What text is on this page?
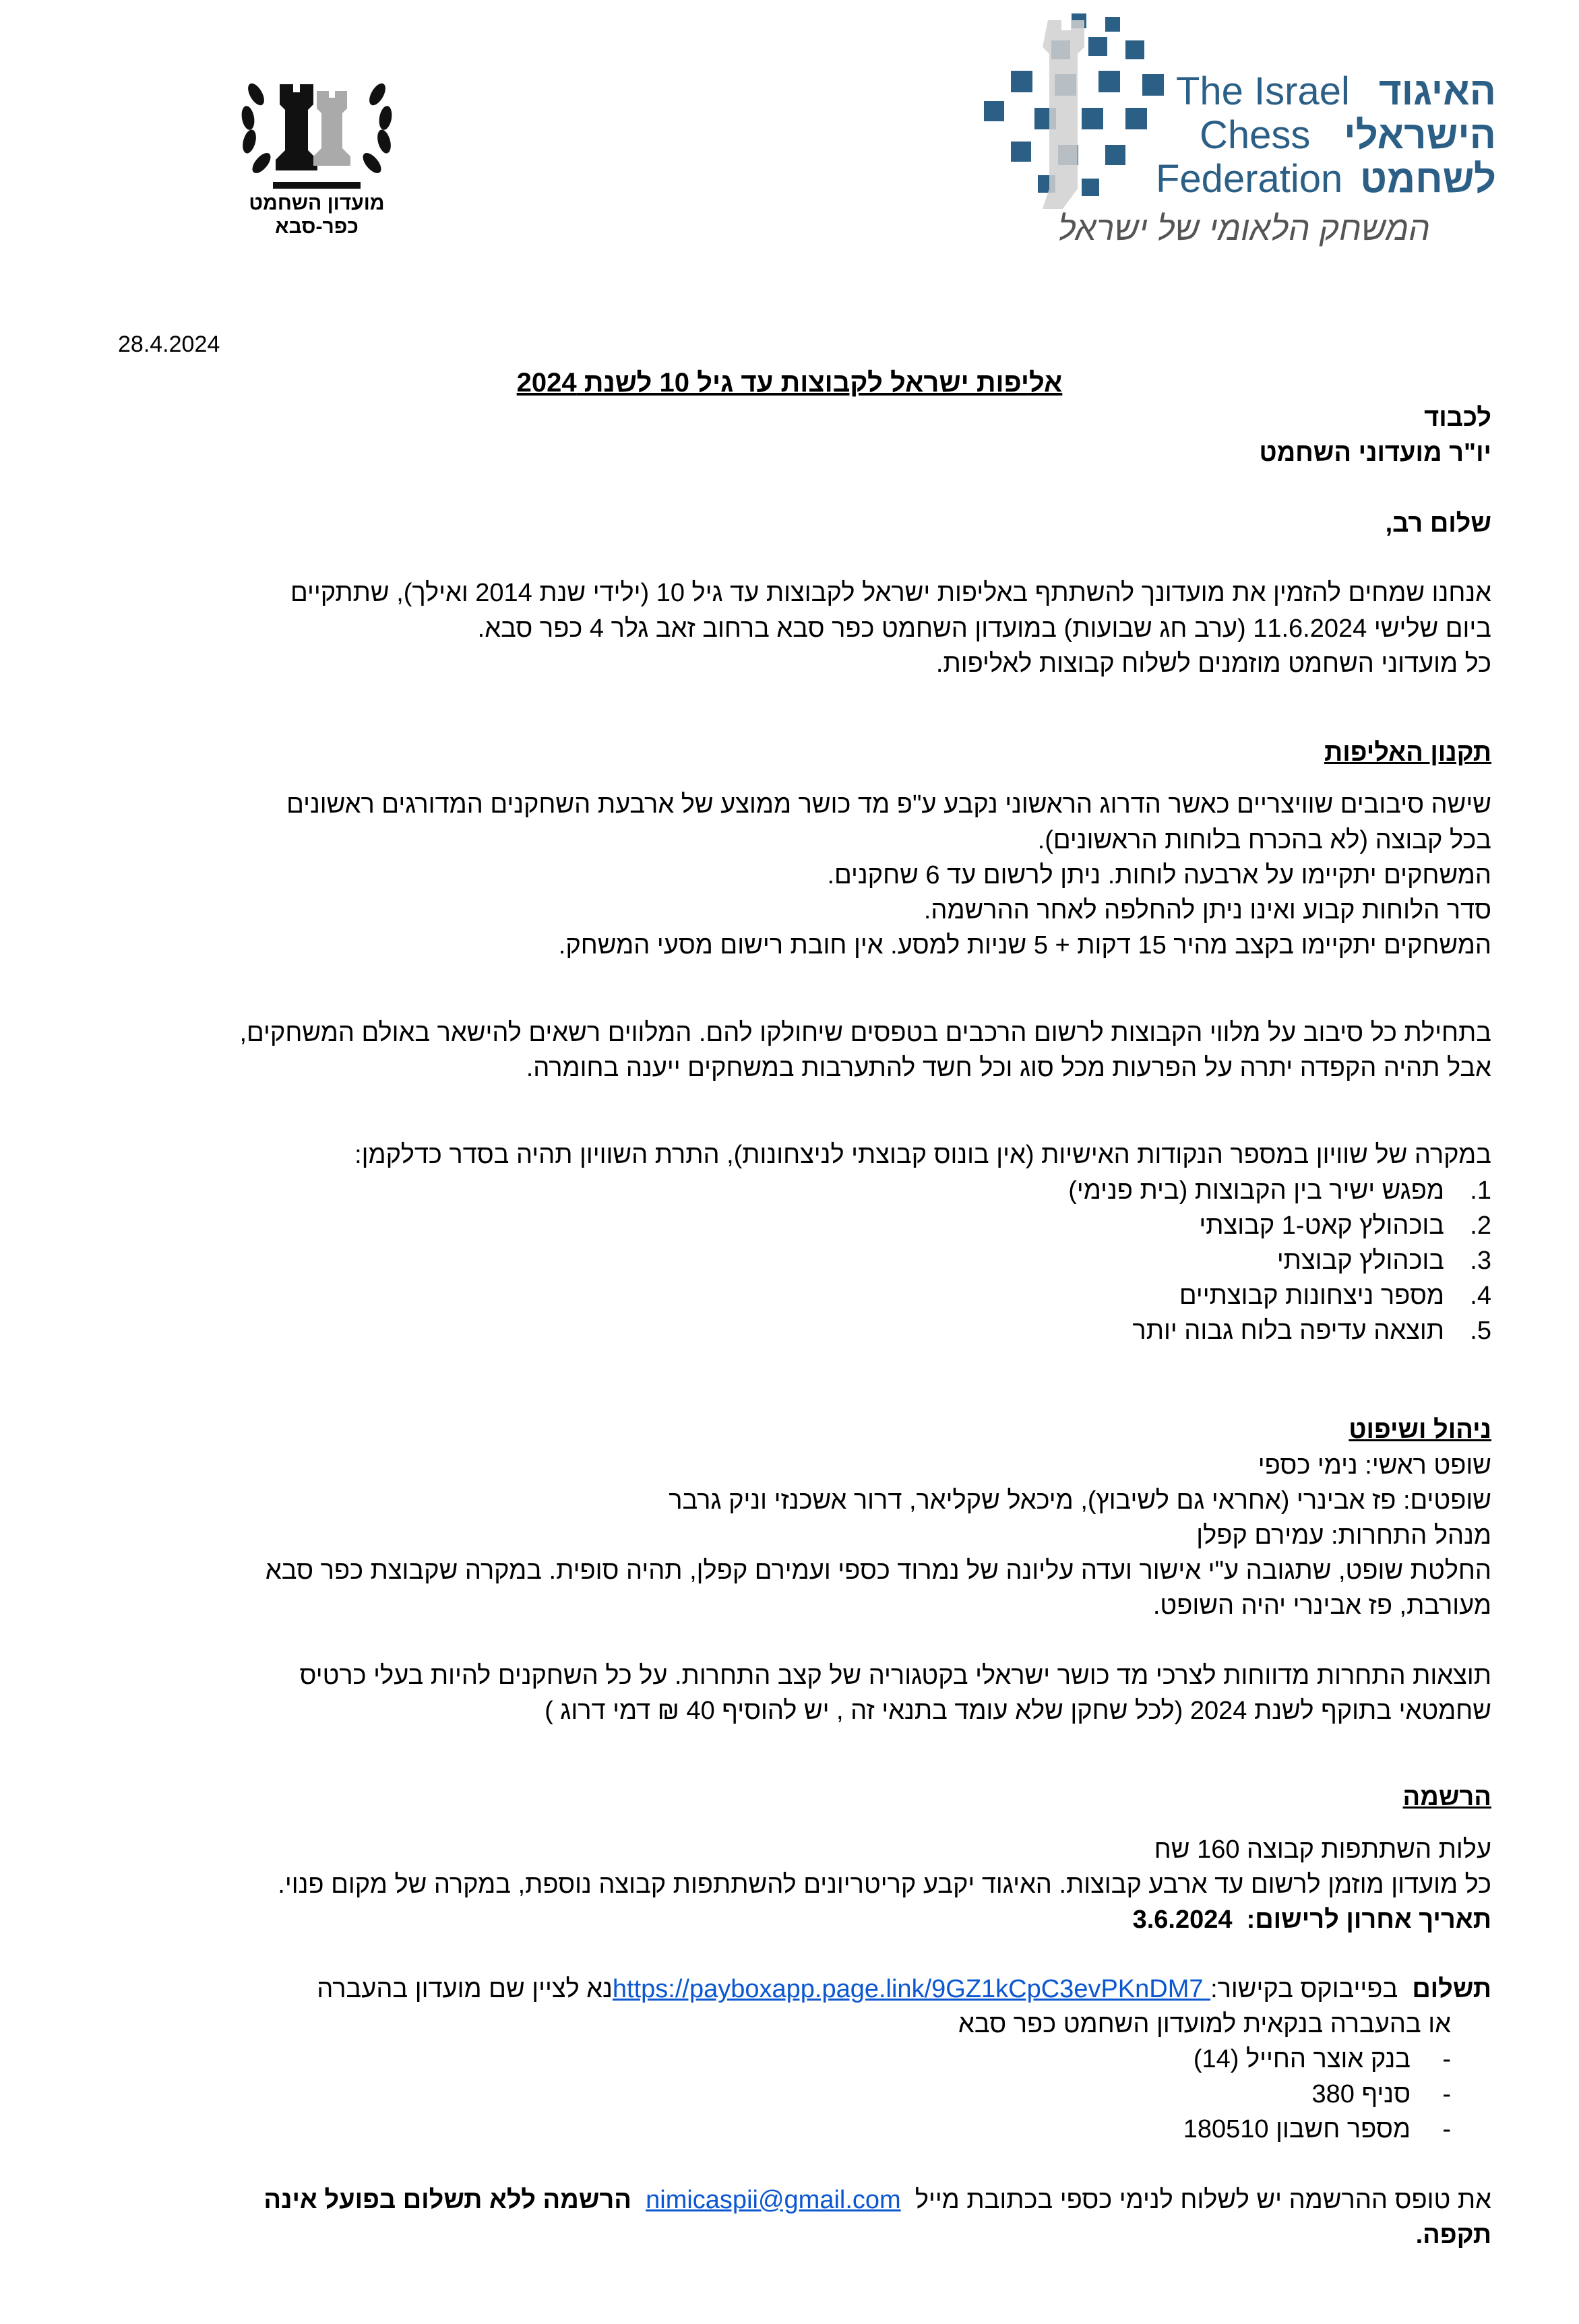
מועדון השחמט
כפר-סבא
The Israel
Chess
Federation
האיגוד
הישראלי
לשחמט
המשחק הלאומי של ישראל
28.4.2024
אליפות ישראל לקבוצות עד גיל 10 לשנת 2024
לכבוד
יו"ר מועדוני השחמט
שלום רב,
אנחנו שמחים להזמין את מועדונך להשתתף באליפות ישראל לקבוצות עד גיל 10 (ילידי שנת 2014 ואילך), שתתקיים
ביום שלישי 11.6.2024 (ערב חג שבועות) במועדון השחמט כפר סבא ברחוב זאב גלר 4 כפר סבא.
כל מועדוני השחמט מוזמנים לשלוח קבוצות לאליפות.
תקנון האליפות
שישה סיבובים שוויצריים כאשר הדרוג הראשוני נקבע ע"פ מד כושר ממוצע של ארבעת השחקנים המדורגים ראשונים
בכל קבוצה (לא בהכרח בלוחות הראשונים).
המשחקים יתקיימו על ארבעה לוחות. ניתן לרשום עד 6 שחקנים.
סדר הלוחות קבוע ואינו ניתן להחלפה לאחר ההרשמה.
המשחקים יתקיימו בקצב מהיר 15 דקות + 5 שניות למסע. אין חובת רישום מסעי המשחק.
בתחילת כל סיבוב על מלווי הקבוצות לרשום הרכבים בטפסים שיחולקו להם. המלווים רשאים להישאר באולם המשחקים,
אבל תהיה הקפדה יתרה על הפרעות מכל סוג וכל חשד להתערבות במשחקים ייענה בחומרה.
במקרה של שוויון במספר הנקודות האישיות (אין בונוס קבוצתי לניצחונות), התרת השוויון תהיה בסדר כדלקמן:
1.מפגש ישיר בין הקבוצות (בית פנימי)
2.בוכהולץ קאט-1 קבוצתי
3.בוכהולץ קבוצתי
4.מספר ניצחונות קבוצתיים
5.תוצאה עדיפה בלוח גבוה יותר
ניהול ושיפוט
שופט ראשי: נימי כספי
שופטים: פז אבינרי (אחראי גם לשיבוץ), מיכאל שקליאר, דרור אשכנזי וניק גרבר
מנהל התחרות: עמירם קפלן
החלטת שופט, שתגובה ע"י אישור ועדה עליונה של נמרוד כספי ועמירם קפלן, תהיה סופית. במקרה שקבוצת כפר סבא
מעורבת, פז אבינרי יהיה השופט.
תוצאות התחרות מדווחות לצרכי מד כושר ישראלי בקטגוריה של קצב התחרות. על כל השחקנים להיות בעלי כרטיס
שחמטאי בתוקף לשנת 2024 (לכל שחקן שלא עומד בתנאי זה , יש להוסיף 40 ₪ דמי דרוג )
הרשמה
עלות השתתפות קבוצה 160 שח
כל מועדון מוזמן לרשום עד ארבע קבוצות. האיגוד יקבע קריטריונים להשתתפות קבוצה נוספת, במקרה של מקום פנוי.
תאריך אחרון לרישום:  3.6.2024
תשלום  בפייבוקס בקישור: https://payboxapp.page.link/9GZ1kCpC3evPKnDM7נא לציין שם מועדון בהעברה
או בהעברה בנקאית למועדון השחמט כפר סבא
-בנק אוצר החייל (14)
-סניף 380
-מספר חשבון 180510
את טופס ההרשמה יש לשלוח לנימי כספי בכתובת מייל  nimicaspii@gmail.com  הרשמה ללא תשלום בפועל אינה
תקפה.
